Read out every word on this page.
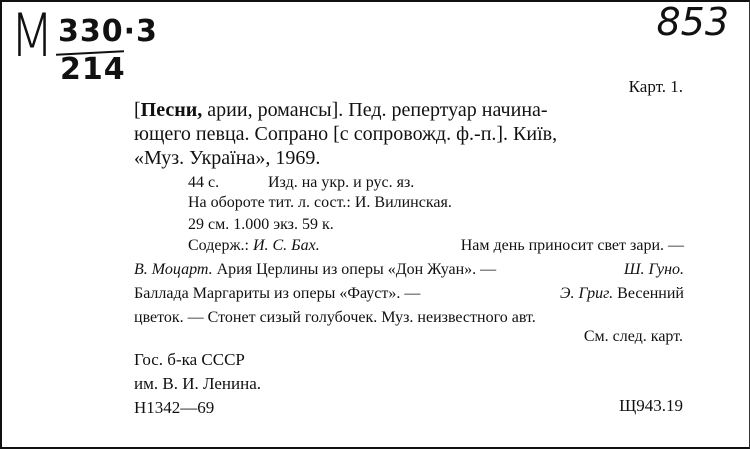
M 330·3
214
853
Карт. 1.
[Песни, арии, романсы]. Пед. репертуар начина-
ющего певца. Сопрано [с сопровожд. ф.-п.]. Київ,
«Муз. Україна», 1969.
44 с.	Изд. на укр. и рус. яз.
На обороте тит. л. сост.: И. Вилинская.
29 см. 1.000 экз. 59 к.
Содерж.: И. С. Бах.	Нам день приносит свет зари. —
В. Моцарт. Ария Церлины из оперы «Дон Жуан». —	Ш. Гуно.
Баллада Маргариты из оперы «Фауст». —	Э. Григ. Весенний
цветок. — Стонет сизый голубочек. Муз. неизвестного авт.
См. след. карт.
Гос. б-ка СССР
им. В. И. Ленина.
Н1342—69	Щ943.19
